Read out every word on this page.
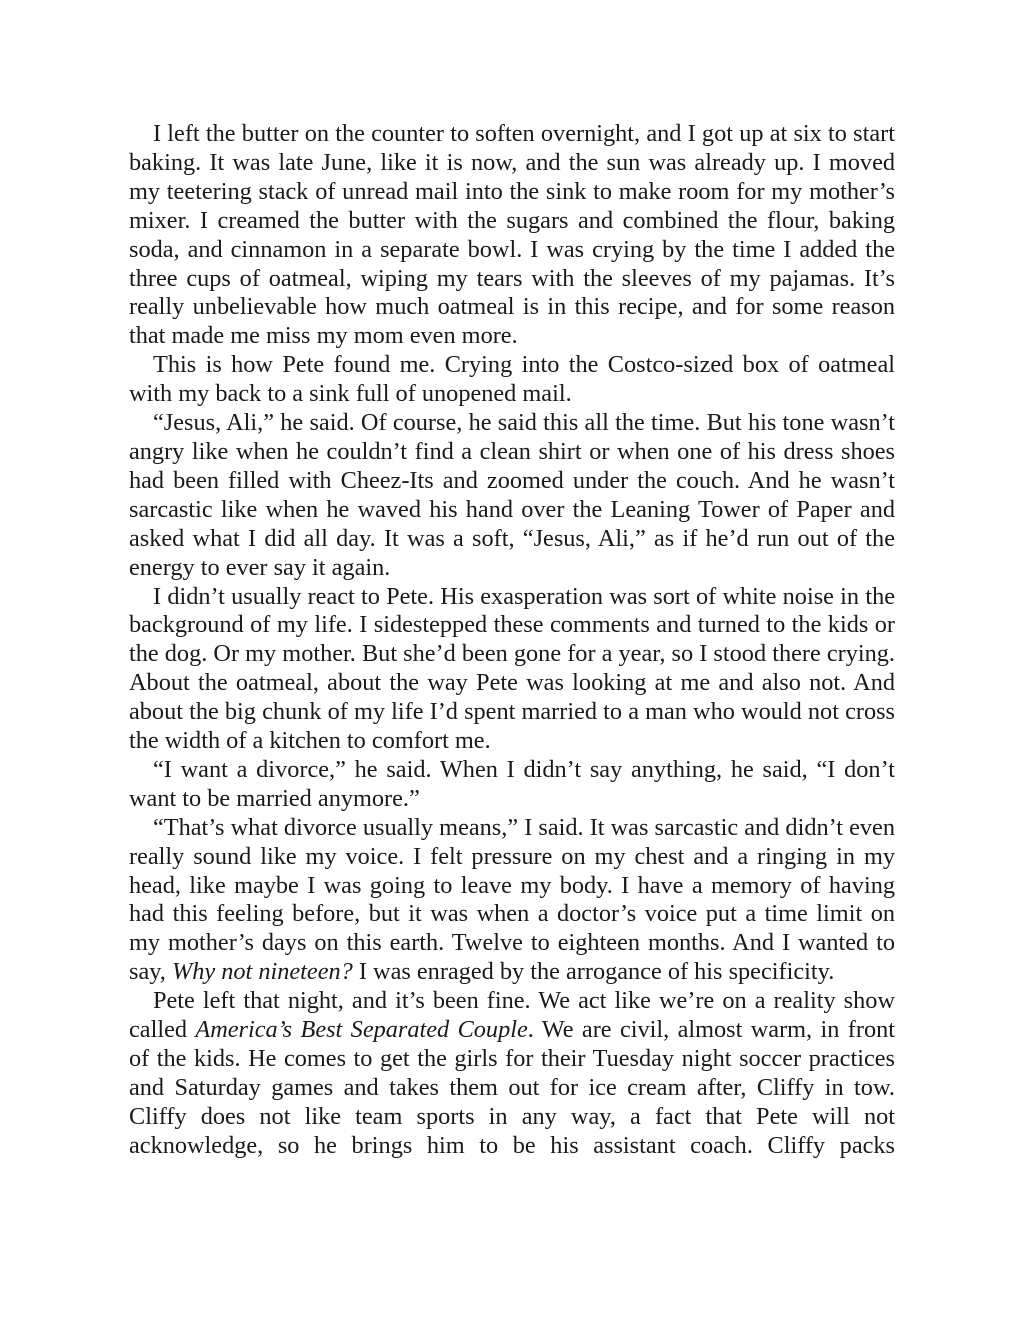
I left the butter on the counter to soften overnight, and I got up at six to start baking. It was late June, like it is now, and the sun was already up. I moved my teetering stack of unread mail into the sink to make room for my mother’s mixer. I creamed the butter with the sugars and combined the flour, baking soda, and cinnamon in a separate bowl. I was crying by the time I added the three cups of oatmeal, wiping my tears with the sleeves of my pajamas. It’s really unbelievable how much oatmeal is in this recipe, and for some reason that made me miss my mom even more.

This is how Pete found me. Crying into the Costco-sized box of oatmeal with my back to a sink full of unopened mail.

“Jesus, Ali,” he said. Of course, he said this all the time. But his tone wasn’t angry like when he couldn’t find a clean shirt or when one of his dress shoes had been filled with Cheez-Its and zoomed under the couch. And he wasn’t sarcastic like when he waved his hand over the Leaning Tower of Paper and asked what I did all day. It was a soft, “Jesus, Ali,” as if he’d run out of the energy to ever say it again.

I didn’t usually react to Pete. His exasperation was sort of white noise in the background of my life. I sidestepped these comments and turned to the kids or the dog. Or my mother. But she’d been gone for a year, so I stood there crying. About the oatmeal, about the way Pete was looking at me and also not. And about the big chunk of my life I’d spent married to a man who would not cross the width of a kitchen to comfort me.

“I want a divorce,” he said. When I didn’t say anything, he said, “I don’t want to be married anymore.”

“That’s what divorce usually means,” I said. It was sarcastic and didn’t even really sound like my voice. I felt pressure on my chest and a ringing in my head, like maybe I was going to leave my body. I have a memory of having had this feeling before, but it was when a doctor’s voice put a time limit on my mother’s days on this earth. Twelve to eighteen months. And I wanted to say, Why not nineteen? I was enraged by the arrogance of his specificity.

Pete left that night, and it’s been fine. We act like we’re on a reality show called America’s Best Separated Couple. We are civil, almost warm, in front of the kids. He comes to get the girls for their Tuesday night soccer practices and Saturday games and takes them out for ice cream after, Cliffy in tow. Cliffy does not like team sports in any way, a fact that Pete will not acknowledge, so he brings him to be his assistant coach. Cliffy packs
